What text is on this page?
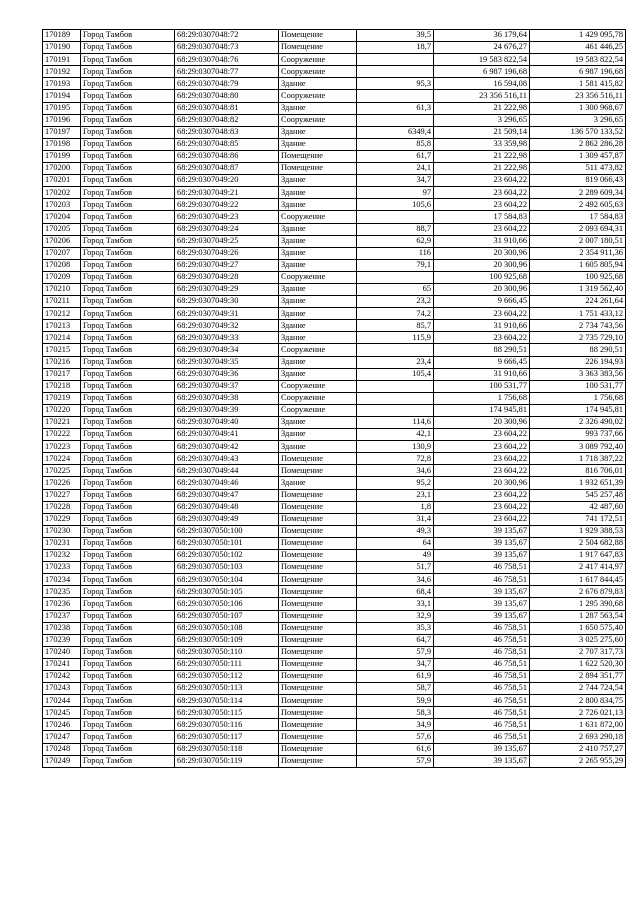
170189	Город Тамбов	68:29:0307048:72	Помещение	39,5	36 179,64	1 429 095,78
170190	Город Тамбов	68:29:0307048:73	Помещение	18,7	24 676,27	461 446,25
170191	Город Тамбов	68:29:0307048:76	Сооружение		19 583 822,54	19 583 822,54
170192	Город Тамбов	68:29:0307048:77	Сооружение		6 987 196,68	6 987 196,68
170193	Город Тамбов	68:29:0307048:79	Здание	95,3	16 594,08	1 581 415,82
170194	Город Тамбов	68:29:0307048:80	Сооружение		23 356 516,11	23 356 516,11
170195	Город Тамбов	68:29:0307048:81	Здание	61,3	21 222,98	1 300 968,67
170196	Город Тамбов	68:29:0307048:82	Сооружение		3 296,65	3 296,65
170197	Город Тамбов	68:29:0307048:83	Здание	6349,4	21 509,14	136 570 133,52
170198	Город Тамбов	68:29:0307048:85	Здание	85,8	33 359,98	2 862 286,28
170199	Город Тамбов	68:29:0307048:86	Помещение	61,7	21 222,98	1 309 457,87
170200	Город Тамбов	68:29:0307048:87	Помещение	24,1	21 222,98	511 473,82
170201	Город Тамбов	68:29:0307049:20	Здание	34,7	23 604,22	819 066,43
170202	Город Тамбов	68:29:0307049:21	Здание	97	23 604,22	2 289 609,34
170203	Город Тамбов	68:29:0307049:22	Здание	105,6	23 604,22	2 492 605,63
170204	Город Тамбов	68:29:0307049:23	Сооружение		17 584,83	17 584,83
170205	Город Тамбов	68:29:0307049:24	Здание	88,7	23 604,22	2 093 694,31
170206	Город Тамбов	68:29:0307049:25	Здание	62,9	31 910,66	2 007 180,51
170207	Город Тамбов	68:29:0307049:26	Здание	116	20 300,96	2 354 911,36
170208	Город Тамбов	68:29:0307049:27	Здание	79,1	20 300,96	1 605 805,94
170209	Город Тамбов	68:29:0307049:28	Сооружение		100 925,68	100 925,68
170210	Город Тамбов	68:29:0307049:29	Здание	65	20 300,96	1 319 562,40
170211	Город Тамбов	68:29:0307049:30	Здание	23,2	9 666,45	224 261,64
170212	Город Тамбов	68:29:0307049:31	Здание	74,2	23 604,22	1 751 433,12
170213	Город Тамбов	68:29:0307049:32	Здание	85,7	31 910,66	2 734 743,56
170214	Город Тамбов	68:29:0307049:33	Здание	115,9	23 604,22	2 735 729,10
170215	Город Тамбов	68:29:0307049:34	Сооружение		88 290,51	88 290,51
170216	Город Тамбов	68:29:0307049:35	Здание	23,4	9 666,45	226 194,93
170217	Город Тамбов	68:29:0307049:36	Здание	105,4	31 910,66	3 363 383,56
170218	Город Тамбов	68:29:0307049:37	Сооружение		100 531,77	100 531,77
170219	Город Тамбов	68:29:0307049:38	Сооружение		1 756,68	1 756,68
170220	Город Тамбов	68:29:0307049:39	Сооружение		174 945,81	174 945,81
170221	Город Тамбов	68:29:0307049:40	Здание	114,6	20 300,96	2 326 490,02
170222	Город Тамбов	68:29:0307049:41	Здание	42,1	23 604,22	993 737,66
170223	Город Тамбов	68:29:0307049:42	Здание	130,9	23 604,22	3 089 792,40
170224	Город Тамбов	68:29:0307049:43	Помещение	72,8	23 604,22	1 718 387,22
170225	Город Тамбов	68:29:0307049:44	Помещение	34,6	23 604,22	816 706,01
170226	Город Тамбов	68:29:0307049:46	Здание	95,2	20 300,96	1 932 651,39
170227	Город Тамбов	68:29:0307049:47	Помещение	23,1	23 604,22	545 257,48
170228	Город Тамбов	68:29:0307049:48	Помещение	1,8	23 604,22	42 487,60
170229	Город Тамбов	68:29:0307049:49	Помещение	31,4	23 604,22	741 172,51
170230	Город Тамбов	68:29:0307050:100	Помещение	49,3	39 135,67	1 929 388,53
170231	Город Тамбов	68:29:0307050:101	Помещение	64	39 135,67	2 504 682,88
170232	Город Тамбов	68:29:0307050:102	Помещение	49	39 135,67	1 917 647,83
170233	Город Тамбов	68:29:0307050:103	Помещение	51,7	46 758,51	2 417 414,97
170234	Город Тамбов	68:29:0307050:104	Помещение	34,6	46 758,51	1 617 844,45
170235	Город Тамбов	68:29:0307050:105	Помещение	68,4	39 135,67	2 676 879,83
170236	Город Тамбов	68:29:0307050:106	Помещение	33,1	39 135,67	1 295 390,68
170237	Город Тамбов	68:29:0307050:107	Помещение	32,9	39 135,67	1 287 563,54
170238	Город Тамбов	68:29:0307050:108	Помещение	35,3	46 758,51	1 650 575,40
170239	Город Тамбов	68:29:0307050:109	Помещение	64,7	46 758,51	3 025 275,60
170240	Город Тамбов	68:29:0307050:110	Помещение	57,9	46 758,51	2 707 317,73
170241	Город Тамбов	68:29:0307050:111	Помещение	34,7	46 758,51	1 622 520,30
170242	Город Тамбов	68:29:0307050:112	Помещение	61,9	46 758,51	2 894 351,77
170243	Город Тамбов	68:29:0307050:113	Помещение	58,7	46 758,51	2 744 724,54
170244	Город Тамбов	68:29:0307050:114	Помещение	59,9	46 758,51	2 800 834,75
170245	Город Тамбов	68:29:0307050:115	Помещение	58,3	46 758,51	2 726 021,13
170246	Город Тамбов	68:29:0307050:116	Помещение	34,9	46 758,51	1 631 872,00
170247	Город Тамбов	68:29:0307050:117	Помещение	57,6	46 758,51	2 693 290,18
170248	Город Тамбов	68:29:0307050:118	Помещение	61,6	39 135,67	2 410 757,27
170249	Город Тамбов	68:29:0307050:119	Помещение	57,9	39 135,67	2 265 955,29
